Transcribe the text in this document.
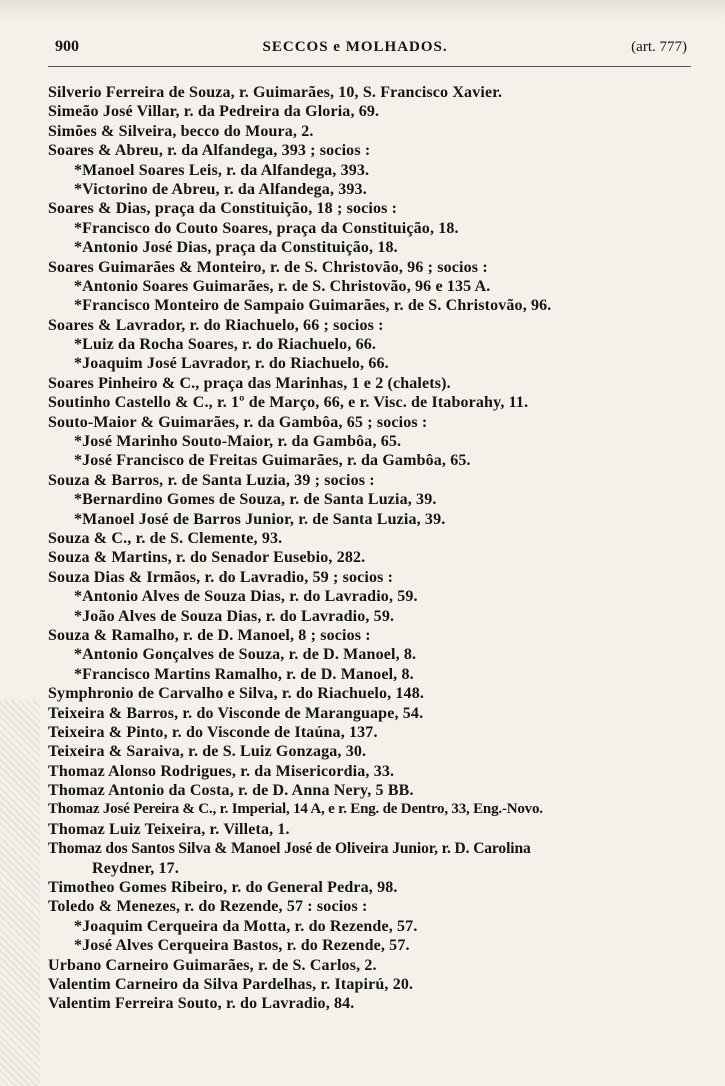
900	SECCOS e MOLHADOS.	(art. 777)
Silverio Ferreira de Souza, r. Guimarães, 10, S. Francisco Xavier.
Simeão José Villar, r. da Pedreira da Gloria, 69.
Simões & Silveira, becco do Moura, 2.
Soares & Abreu, r. da Alfandega, 393 ; socios :
*Manoel Soares Leis, r. da Alfandega, 393.
*Victorino de Abreu, r. da Alfandega, 393.
Soares & Dias, praça da Constituição, 18 ; socios :
*Francisco do Couto Soares, praça da Constituição, 18.
*Antonio José Dias, praça da Constituição, 18.
Soares Guimarães & Monteiro, r. de S. Christovão, 96 ; socios :
*Antonio Soares Guimarães, r. de S. Christovão, 96 e 135 A.
*Francisco Monteiro de Sampaio Guimarães, r. de S. Christovão, 96.
Soares & Lavrador, r. do Riachuelo, 66 ; socios :
*Luiz da Rocha Soares, r. do Riachuelo, 66.
*Joaquim José Lavrador, r. do Riachuelo, 66.
Soares Pinheiro & C., praça das Marinhas, 1 e 2 (chalets).
Soutinho Castello & C., r. 1º de Março, 66, e r. Visc. de Itaborahy, 11.
Souto-Maior & Guimarães, r. da Gambôa, 65 ; socios :
*José Marinho Souto-Maior, r. da Gambôa, 65.
*José Francisco de Freitas Guimarães, r. da Gambôa, 65.
Souza & Barros, r. de Santa Luzia, 39 ; socios :
*Bernardino Gomes de Souza, r. de Santa Luzia, 39.
*Manoel José de Barros Junior, r. de Santa Luzia, 39.
Souza & C., r. de S. Clemente, 93.
Souza & Martins, r. do Senador Eusebio, 282.
Souza Dias & Irmãos, r. do Lavradio, 59 ; socios :
*Antonio Alves de Souza Dias, r. do Lavradio, 59.
*João Alves de Souza Dias, r. do Lavradio, 59.
Souza & Ramalho, r. de D. Manoel, 8 ; socios :
*Antonio Gonçalves de Souza, r. de D. Manoel, 8.
*Francisco Martins Ramalho, r. de D. Manoel, 8.
Symphronio de Carvalho e Silva, r. do Riachuelo, 148.
Teixeira & Barros, r. do Visconde de Maranguape, 54.
Teixeira & Pinto, r. do Visconde de Itaúna, 137.
Teixeira & Saraiva, r. de S. Luiz Gonzaga, 30.
Thomaz Alonso Rodrigues, r. da Misericordia, 33.
Thomaz Antonio da Costa, r. de D. Anna Nery, 5 BB.
Thomaz José Pereira & C., r. Imperial, 14 A, e r. Eng. de Dentro, 33, Eng.-Novo.
Thomaz Luiz Teixeira, r. Villeta, 1.
Thomaz dos Santos Silva & Manoel José de Oliveira Junior, r. D. Carolina
Reydner, 17.
Timotheo Gomes Ribeiro, r. do General Pedra, 98.
Toledo & Menezes, r. do Rezende, 57 : socios :
*Joaquim Cerqueira da Motta, r. do Rezende, 57.
*José Alves Cerqueira Bastos, r. do Rezende, 57.
Urbano Carneiro Guimarães, r. de S. Carlos, 2.
Valentim Carneiro da Silva Pardelhas, r. Itapirú, 20.
Valentim Ferreira Souto, r. do Lavradio, 84.
